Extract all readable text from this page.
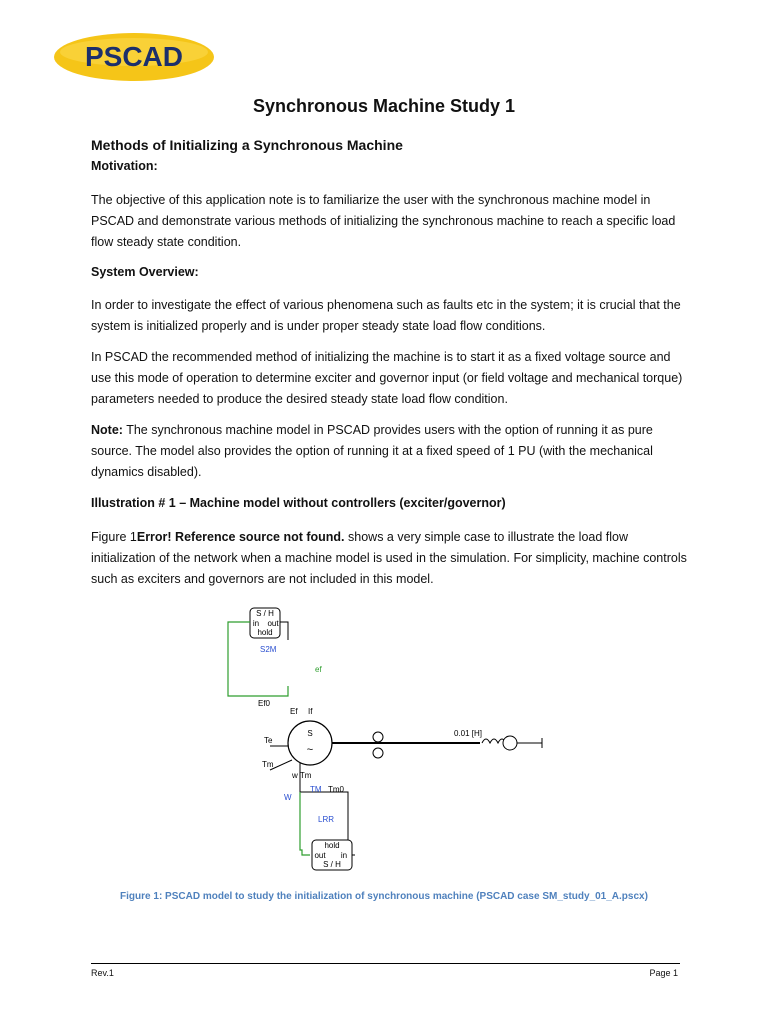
PSCAD
Synchronous Machine Study 1
Methods of Initializing a Synchronous Machine
Motivation:
The objective of this application note is to familiarize the user with the synchronous machine model in PSCAD and demonstrate various methods of initializing the synchronous machine to reach a specific load flow steady state condition.
System Overview:
In order to investigate the effect of various phenomena such as faults etc in the system; it is crucial that the system is initialized properly and is under proper steady state load flow conditions.
In PSCAD the recommended method of initializing the machine is to start it as a fixed voltage source and use this mode of operation to determine exciter and governor input (or field voltage and mechanical torque) parameters needed to produce the desired steady state load flow condition.
Note: The synchronous machine model in PSCAD provides users with the option of running it as pure source. The model also provides the option of running it at a fixed speed of 1 PU (with the mechanical dynamics disabled).
Illustration # 1 – Machine model without controllers (exciter/governor)
Figure 1Error! Reference source not found. shows a very simple case to illustrate the load flow initialization of the network when a machine model is used in the simulation. For simplicity, machine controls such as exciters and governors are not included in this model.
S / H
in out
hold
S2M
ef
Ef0
Ef If
Te
Tm
S
~
w Tm
W
TM Tm0
0.01 [H]
LRR
hold
out in
S / H
Figure 1: PSCAD model to study the initialization of synchronous machine (PSCAD case SM_study_01_A.pscx)
Rev.1	Page 1
